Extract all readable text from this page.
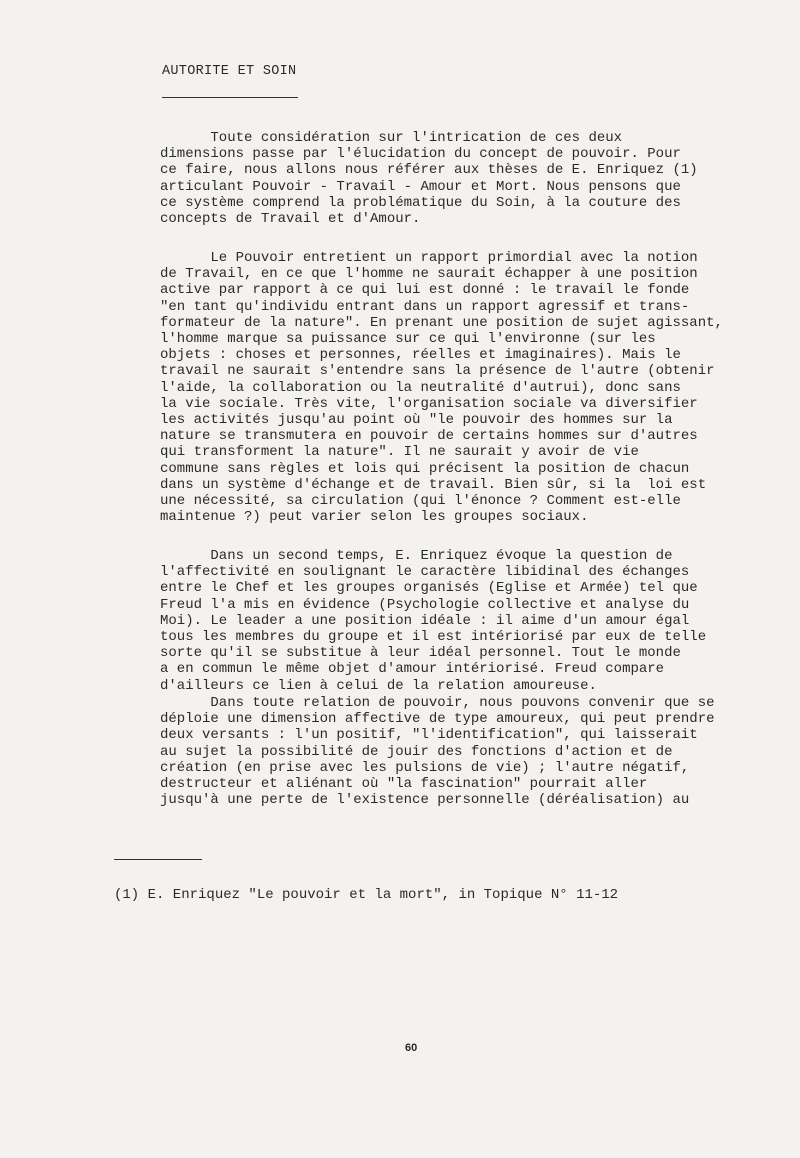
AUTORITE ET SOIN
Toute considération sur l'intrication de ces deux
dimensions passe par l'élucidation du concept de pouvoir. Pour
ce faire, nous allons nous référer aux thèses de E. Enriquez (1)
articulant Pouvoir - Travail - Amour et Mort. Nous pensons que
ce système comprend la problématique du Soin, à la couture des
concepts de Travail et d'Amour.
Le Pouvoir entretient un rapport primordial avec la notion
de Travail, en ce que l'homme ne saurait échapper à une position
active par rapport à ce qui lui est donné : le travail le fonde
"en tant qu'individu entrant dans un rapport agressif et trans-
formateur de la nature". En prenant une position de sujet agissant,
l'homme marque sa puissance sur ce qui l'environne (sur les
objets : choses et personnes, réelles et imaginaires). Mais le
travail ne saurait s'entendre sans la présence de l'autre (obtenir
l'aide, la collaboration ou la neutralité d'autrui), donc sans
la vie sociale. Très vite, l'organisation sociale va diversifier
les activités jusqu'au point où "le pouvoir des hommes sur la
nature se transmutera en pouvoir de certains hommes sur d'autres
qui transforment la nature". Il ne saurait y avoir de vie
commune sans règles et lois qui précisent la position de chacun
dans un système d'échange et de travail. Bien sûr, si la  loi est
une nécessité, sa circulation (qui l'énonce ? Comment est-elle
maintenue ?) peut varier selon les groupes sociaux.
Dans un second temps, E. Enriquez évoque la question de
l'affectivité en soulignant le caractère libidinal des échanges
entre le Chef et les groupes organisés (Eglise et Armée) tel que
Freud l'a mis en évidence (Psychologie collective et analyse du
Moi). Le leader a une position idéale : il aime d'un amour égal
tous les membres du groupe et il est intériorisé par eux de telle
sorte qu'il se substitue à leur idéal personnel. Tout le monde
a en commun le même objet d'amour intériorisé. Freud compare
d'ailleurs ce lien à celui de la relation amoureuse.
Dans toute relation de pouvoir, nous pouvons convenir que se
déploie une dimension affective de type amoureux, qui peut prendre
deux versants : l'un positif, "l'identification", qui laisserait
au sujet la possibilité de jouir des fonctions d'action et de
création (en prise avec les pulsions de vie) ; l'autre négatif,
destructeur et aliénant où "la fascination" pourrait aller
jusqu'à une perte de l'existence personnelle (déréalisation) au
(1) E. Enriquez "Le pouvoir et la mort", in Topique N° 11-12
60
